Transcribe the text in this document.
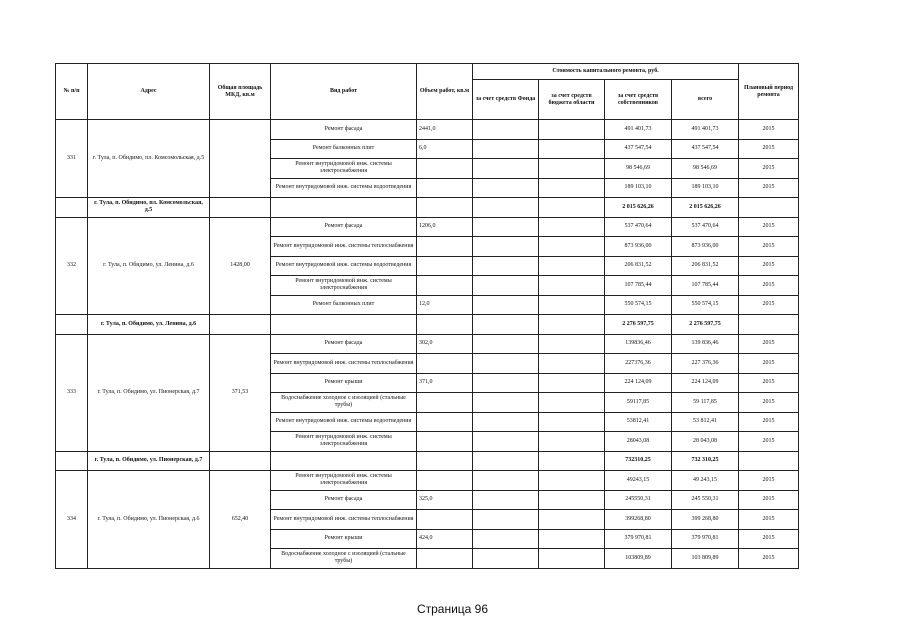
№ п/п	Адрес	Общая площадь МКД, кв.м	Вид работ	Объем работ, кв.м	Стоимость капитального ремонта, руб.				Плановый период ремонта
					за счет средств Фонда	за счет средств бюджета области	за счет средств собственников	всего	
331	г. Тула, п. Обидимо, пл. Комсомольская, д.5		Ремонт фасада	2441,0			491 401,73	491 401,73	2015
			Ремонт балконных плит	6,0			437 547,54	437 547,54	2015
			Ремонт внутридомовой инж. системы электроснабжения				98 546,69	98 546,69	2015
			Ремонт внутридомовой инж. системы водоотведения				189 103,10	189 103,10	2015
	г. Тула, п. Обидимо, пл. Комсомольская, д.5						2 015 626,26	2 015 626,26	
332	г. Тула, п. Обидимо, ул. Ленина, д.6	1428,00	Ремонт фасада	1206,0			537 470,64	537 470,64	2015
			Ремонт внутридомовой инж. системы теплоснабжения				873 936,00	873 936,00	2015
			Ремонт внутридомовой инж. системы водоотведения				206 831,52	206 831,52	2015
			Ремонт внутридомовой инж. системы электроснабжения				107 785,44	107 785,44	2015
			Ремонт балконных плит	12,0			550 574,15	550 574,15	2015
	г. Тула, п. Обидимо, ул. Ленина, д.6						2 276 597,75	2 276 597,75	
333	г. Тула, п. Обидимо, ул. Пионерская, д.7	371,53	Ремонт фасада	302,0			139836,46	139 836,46	2015
			Ремонт внутридомовой инж. системы теплоснабжения				227376,36	227 376,36	2015
			Ремонт крыши	371,0			224 124,09	224 124,09	2015
			Водоснабжение холодное с изоляцией (стальные трубы)				59117,85	59 117,85	2015
			Ремонт внутридомовой инж. системы водоотведения				53812,41	53 812,41	2015
			Ремонт внутридомовой инж. системы электроснабжения				28043,08	28 043,08	2015
	г. Тула, п. Обидимо, ул. Пионерская, д.7						732310,25	732 310,25	
334	г. Тула, п. Обидимо, ул. Пионерская, д.6	652,40	Ремонт внутридомовой инж. системы электроснабжения				49243,15	49 243,15	2015
			Ремонт фасада	325,0			245550,31	245 550,31	2015
			Ремонт внутридомовой инж. системы теплоснабжения				399268,80	399 268,80	2015
			Ремонт крыши	424,0			379 970,81	379 970,81	2015
			Водоснабжение холодное с изоляцией (стальные трубы)				103809,89	103 809,89	2015
Страница 96
